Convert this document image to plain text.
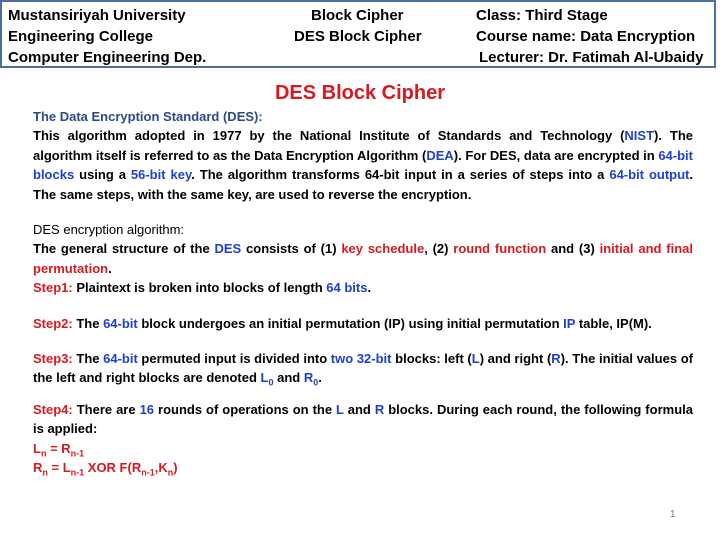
Mustansiriyah University
Engineering College
Computer Engineering Dep.
Block Cipher
DES Block Cipher
Class: Third Stage
Course name: Data Encryption
Lecturer: Dr. Fatimah Al-Ubaidy
DES Block Cipher

The Data Encryption Standard (DES):

This algorithm adopted in 1977 by the National Institute of Standards and Technology (NIST). The algorithm itself is referred to as the Data Encryption Algorithm (DEA). For DES, data are encrypted in 64-bit blocks using a 56-bit key. The algorithm transforms 64-bit input in a series of steps into a 64-bit output. The same steps, with the same key, are used to reverse the encryption.

DES encryption algorithm:

The general structure of the DES consists of (1) key schedule, (2) round function and (3) initial and final permutation.

Step1: Plaintext is broken into blocks of length 64 bits.

Step2: The 64-bit block undergoes an initial permutation (IP) using initial permutation IP table, IP(M).

Step3: The 64-bit permuted input is divided into two 32-bit blocks: left (L) and right (R). The initial values of the left and right blocks are denoted $L_0$ and $R_0$.

Step4: There are 16 rounds of operations on the L and R blocks. During each round, the following formula is applied:

$L_n = R_{n-1}$

$R_n = L_{n-1}$ XOR $F(R_{n-1},K_n)$

1
